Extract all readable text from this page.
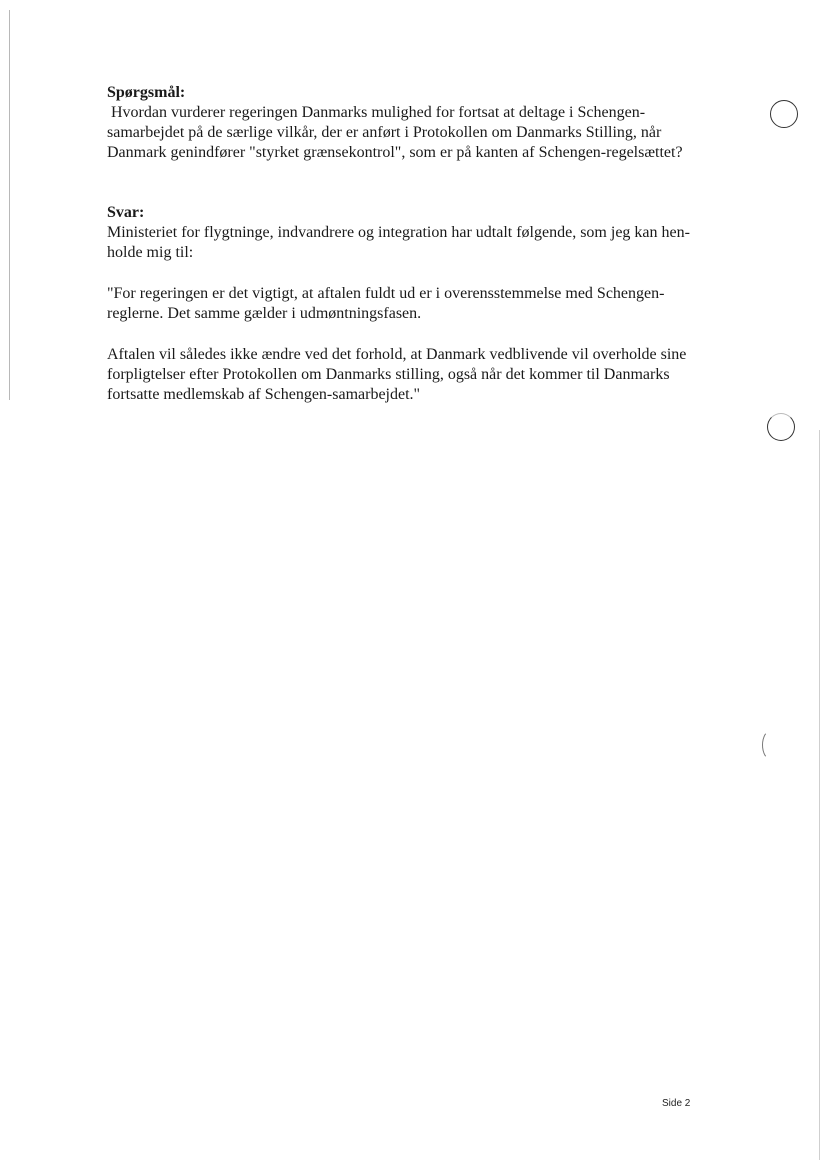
Spørgsmål:

Hvordan vurderer regeringen Danmarks mulighed for fortsat at deltage i Schengen-
samarbejdet på de særlige vilkår, der er anført i Protokollen om Danmarks Stilling, når
Danmark genindfører "styrket grænsekontrol", som er på kanten af Schengen-regelsættet?

Svar:

Ministeriet for flygtninge, indvandrere og integration har udtalt følgende, som jeg kan hen-
holde mig til:

"For regeringen er det vigtigt, at aftalen fuldt ud er i overensstemmelse med Schengen-
reglerne. Det samme gælder i udmøntningsfasen.

Aftalen vil således ikke ændre ved det forhold, at Danmark vedblivende vil overholde sine
forpligtelser efter Protokollen om Danmarks stilling, også når det kommer til Danmarks
fortsatte medlemskab af Schengen-samarbejdet."

Side 2
